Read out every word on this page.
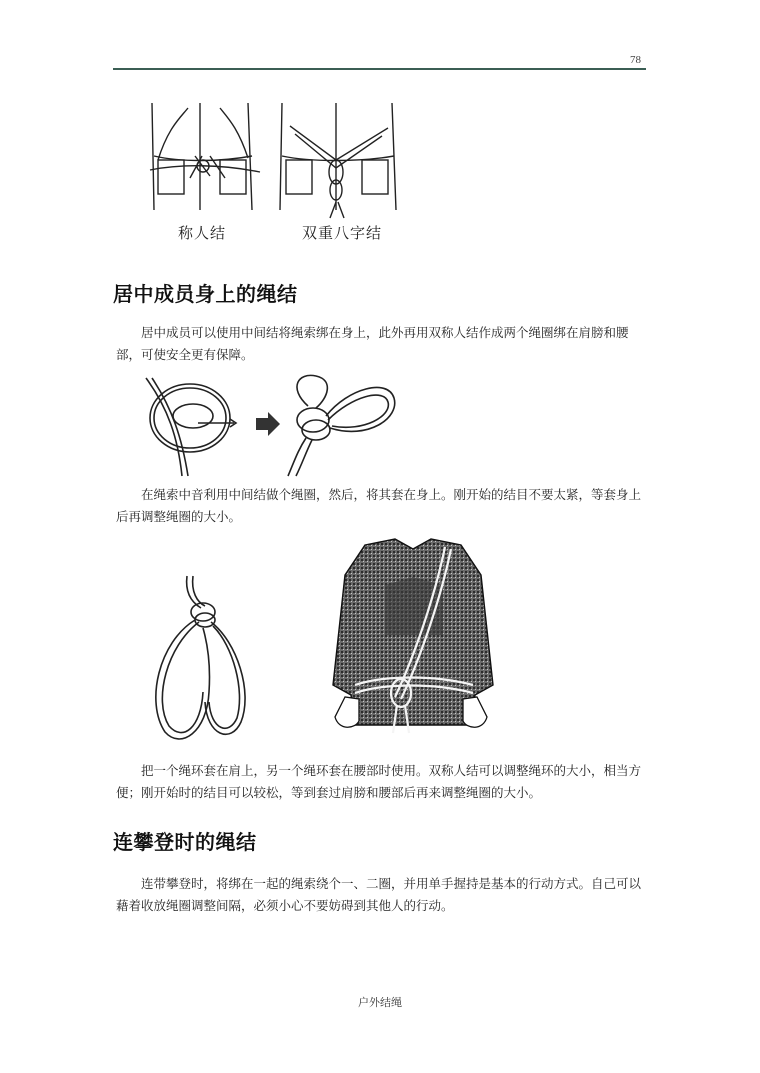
78
称人结	双重八字结
居中成员身上的绳结

居中成员可以使用中间结将绳索绑在身上，此外再用双称人结作成两个绳圈绑在肩膀和腰部，可使安全更有保障。

在绳索中音利用中间结做个绳圈，然后，将其套在身上。刚开始的结目不要太紧，等套身上后再调整绳圈的大小。

把一个绳环套在肩上，另一个绳环套在腰部时使用。双称人结可以调整绳环的大小，相当方便；刚开始时的结目可以较松，等到套过肩膀和腰部后再来调整绳圈的大小。

连攀登时的绳结

连带攀登时，将绑在一起的绳索绕个一、二圈，并用单手握持是基本的行动方式。自己可以藉着收放绳圈调整间隔，必须小心不要妨碍到其他人的行动。

户外结绳
